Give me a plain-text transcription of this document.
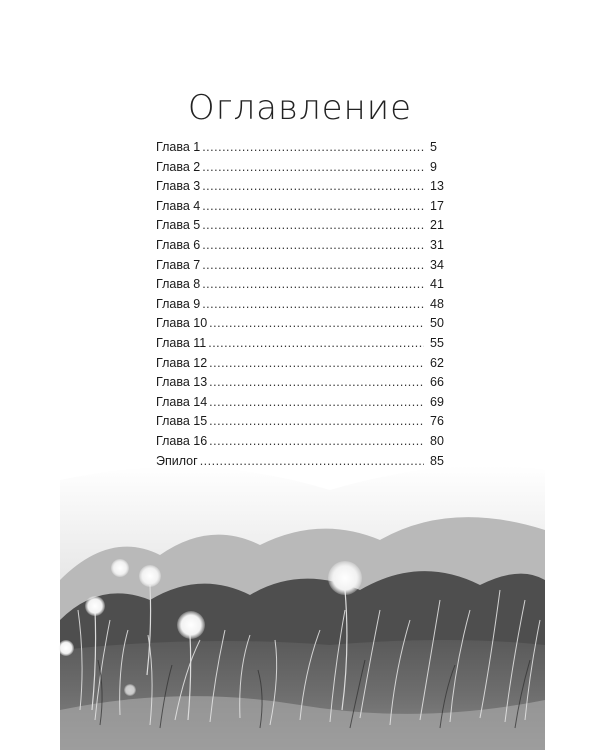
Оглавление
Глава 1 .....	5
Глава 2 .....	9
Глава 3 .....	13
Глава 4 .....	17
Глава 5 .....	21
Глава 6 .....	31
Глава 7 .....	34
Глава 8 .....	41
Глава 9 .....	48
Глава 10 .....	50
Глава 11 .....	55
Глава 12 .....	62
Глава 13 .....	66
Глава 14 .....	69
Глава 15 .....	76
Глава 16 .....	80
Эпилог .....	85
